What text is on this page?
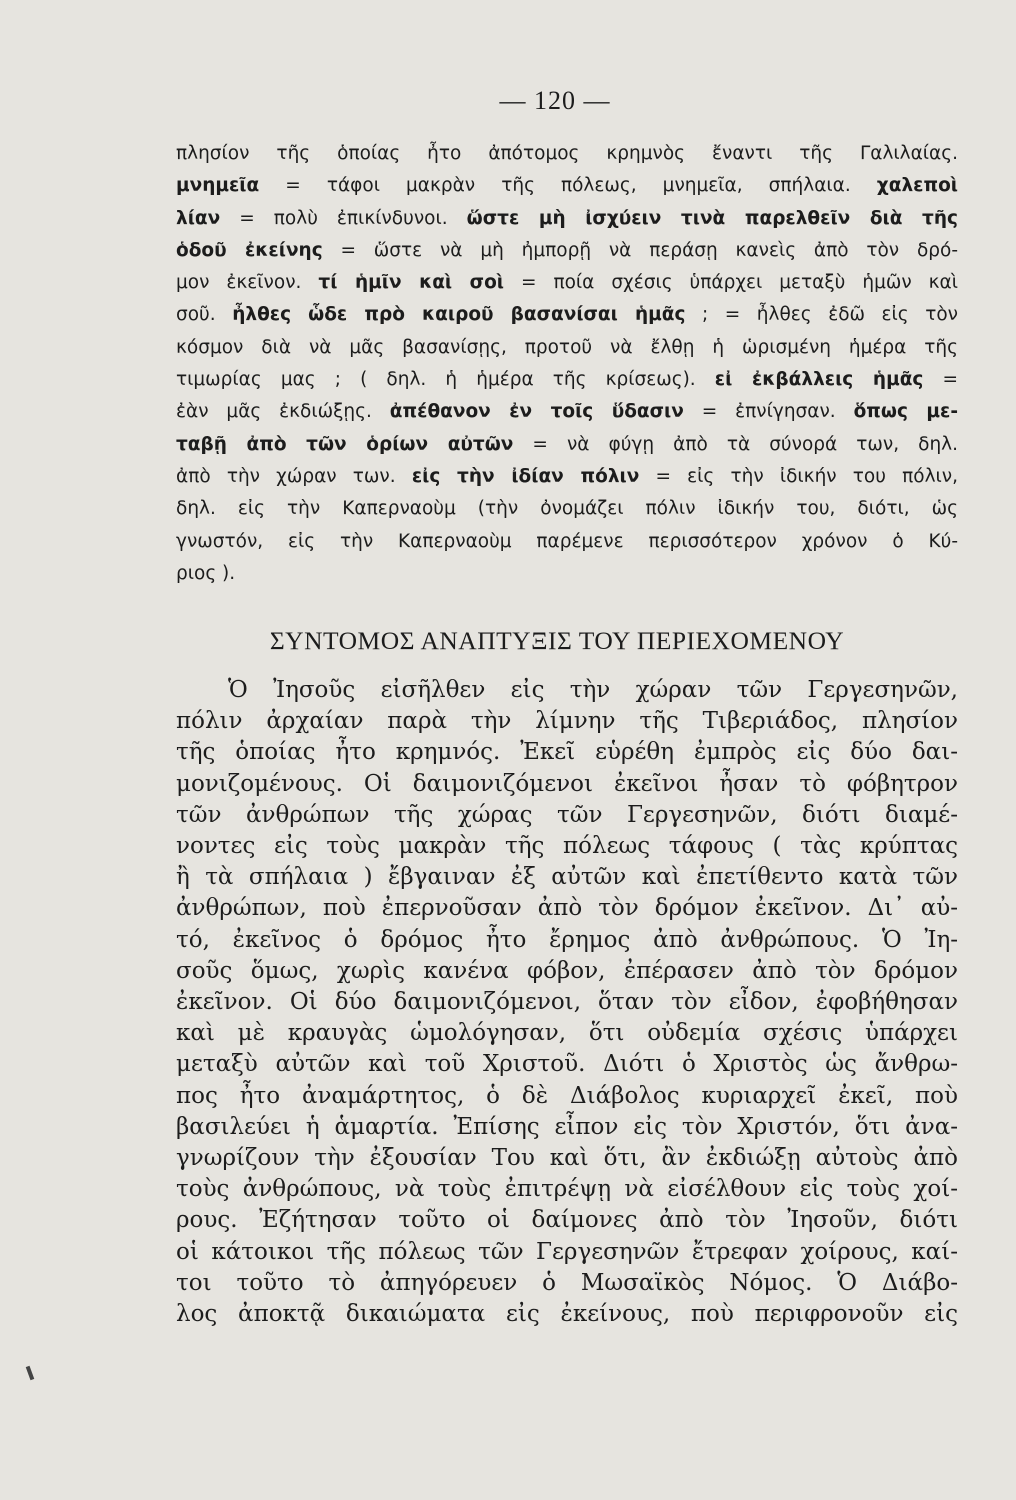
— 120 —
πλησίον τῆς ὁποίας ἦτο ἀπότομος κρημνὸς ἔναντι τῆς Γαλιλαίας.
μνημεῖα = τάφοι μακρὰν τῆς πόλεως, μνημεῖα, σπήλαια. χαλεποὶ
λίαν = πολὺ ἐπικίνδυνοι. ὥστε μὴ ἰσχύειν τινὰ παρελθεῖν διὰ τῆς
ὁδοῦ ἐκείνης = ὥστε νὰ μὴ ἠμπορῇ νὰ περάσῃ κανεὶς ἀπὸ τὸν δρό-
μον ἐκεῖνον. τί ἡμῖν καὶ σοὶ = ποία σχέσις ὑπάρχει μεταξὺ ἡμῶν καὶ
σοῦ. ἦλθες ὧδε πρὸ καιροῦ βασανίσαι ἡμᾶς ; = ἦλθες ἐδῶ εἰς τὸν
κόσμον διὰ νὰ μᾶς βασανίσῃς, προτοῦ νὰ ἔλθῃ ἡ ὡρισμένη ἡμέρα τῆς
τιμωρίας μας ; ( δηλ. ἡ ἡμέρα τῆς κρίσεως). εἰ ἐκβάλλεις ἡμᾶς =
ἐὰν μᾶς ἐκδιώξῃς. ἀπέθανον ἐν τοῖς ὕδασιν = ἐπνίγησαν. ὅπως με-
ταβῇ ἀπὸ τῶν ὁρίων αὐτῶν = νὰ φύγῃ ἀπὸ τὰ σύνορά των, δηλ.
ἀπὸ τὴν χώραν των. εἰς τὴν ἰδίαν πόλιν = εἰς τὴν ἰδικήν του πόλιν,
δηλ. εἰς τὴν Καπερναοὺμ (τὴν ὀνομάζει πόλιν ἰδικήν του, διότι, ὡς
γνωστόν, εἰς τὴν Καπερναοὺμ παρέμενε περισσότερον χρόνον ὁ Κύ-
ριος ).
ΣΥΝΤΟΜΟΣ ΑΝΑΠΤΥΞΙΣ ΤΟΥ ΠΕΡΙΕΧΟΜΕΝΟΥ
Ὁ Ἰησοῦς εἰσῆλθεν εἰς τὴν χώραν τῶν Γεργεσηνῶν,
πόλιν ἀρχαίαν παρὰ τὴν λίμνην τῆς Τιβεριάδος, πλησίον
τῆς ὁποίας ἦτο κρημνός. Ἐκεῖ εὑρέθη ἐμπρὸς εἰς δύο δαι-
μονιζομένους. Οἱ δαιμονιζόμενοι ἐκεῖνοι ἦσαν τὸ φόβητρον
τῶν ἀνθρώπων τῆς χώρας τῶν Γεργεσηνῶν, διότι διαμέ-
νοντες εἰς τοὺς μακρὰν τῆς πόλεως τάφους ( τὰς κρύπτας
ἢ τὰ σπήλαια ) ἔβγαιναν ἐξ αὐτῶν καὶ ἐπετίθεντο κατὰ τῶν
ἀνθρώπων, ποὺ ἐπερνοῦσαν ἀπὸ τὸν δρόμον ἐκεῖνον. Δι᾿ αὐ-
τό, ἐκεῖνος ὁ δρόμος ἦτο ἔρημος ἀπὸ ἀνθρώπους. Ὁ Ἰη-
σοῦς ὅμως, χωρὶς κανένα φόβον, ἐπέρασεν ἀπὸ τὸν δρόμον
ἐκεῖνον. Οἱ δύο δαιμονιζόμενοι, ὅταν τὸν εἶδον, ἐφοβήθησαν
καὶ μὲ κραυγὰς ὡμολόγησαν, ὅτι οὐδεμία σχέσις ὑπάρχει
μεταξὺ αὐτῶν καὶ τοῦ Χριστοῦ. Διότι ὁ Χριστὸς ὡς ἄνθρω-
πος ἦτο ἀναμάρτητος, ὁ δὲ Διάβολος κυριαρχεῖ ἐκεῖ, ποὺ
βασιλεύει ἡ ἁμαρτία. Ἐπίσης εἶπον εἰς τὸν Χριστόν, ὅτι ἀνα-
γνωρίζουν τὴν ἐξουσίαν Του καὶ ὅτι, ἂν ἐκδιώξῃ αὐτοὺς ἀπὸ
τοὺς ἀνθρώπους, νὰ τοὺς ἐπιτρέψῃ νὰ εἰσέλθουν εἰς τοὺς χοί-
ρους. Ἐζήτησαν τοῦτο οἱ δαίμονες ἀπὸ τὸν Ἰησοῦν, διότι
οἱ κάτοικοι τῆς πόλεως τῶν Γεργεσηνῶν ἔτρεφαν χοίρους, καί-
τοι τοῦτο τὸ ἀπηγόρευεν ὁ Μωσαϊκὸς Νόμος. Ὁ Διάβο-
λος ἀποκτᾷ δικαιώματα εἰς ἐκείνους, ποὺ περιφρονοῦν εἰς
